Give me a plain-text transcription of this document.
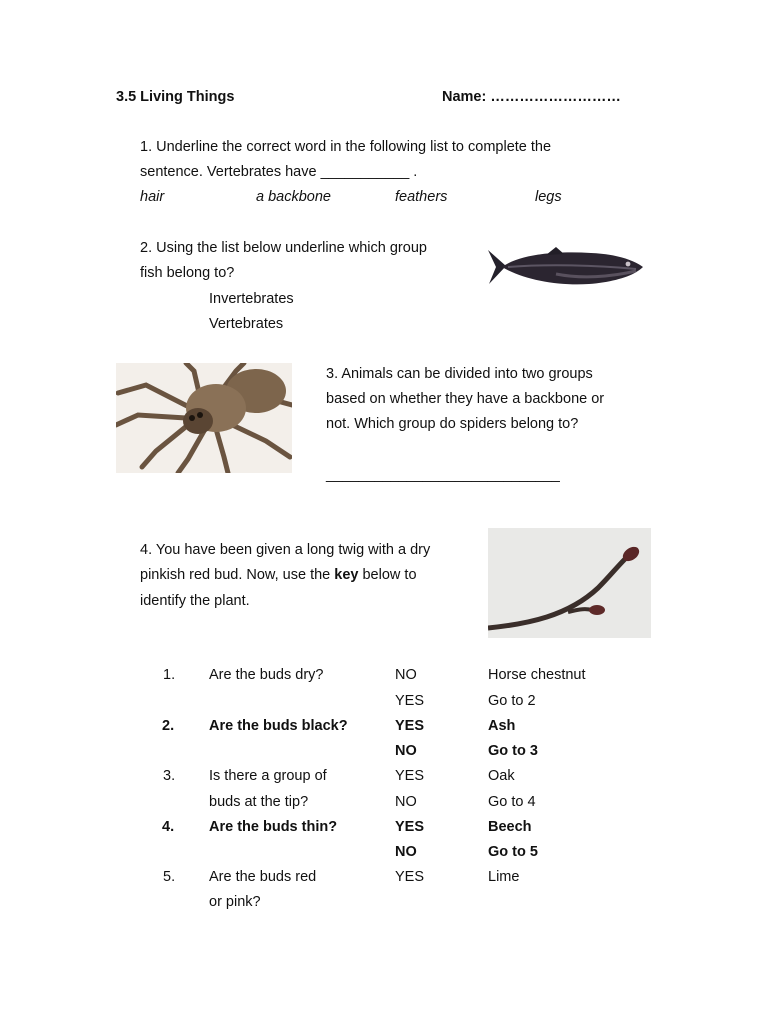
3.5 Living Things	Name: ………………………
1. Underline the correct word in the following list to complete the
sentence. Vertebrates have ___________ .
hair	a backbone	feathers	legs
2. Using the list below underline which group
fish belong to?
Invertebrates
Vertebrates
3. Animals can be divided into two groups
based on whether they have a backbone or
not. Which group do spiders belong to?
_____________________________
4. You have been given a long twig with a dry
pinkish red bud. Now, use the key below to
identify the plant.
1. Are the buds dry?	NO	Horse chestnut
YES	Go to 2
2. Are the buds black?	YES	Ash
NO	Go to 3
3. Is there a group of
buds at the tip?
YES	Oak
NO	Go to 4
4. Are the buds thin?	YES	Beech
NO	Go to 5
5. Are the buds red
or pink?
YES	Lime
